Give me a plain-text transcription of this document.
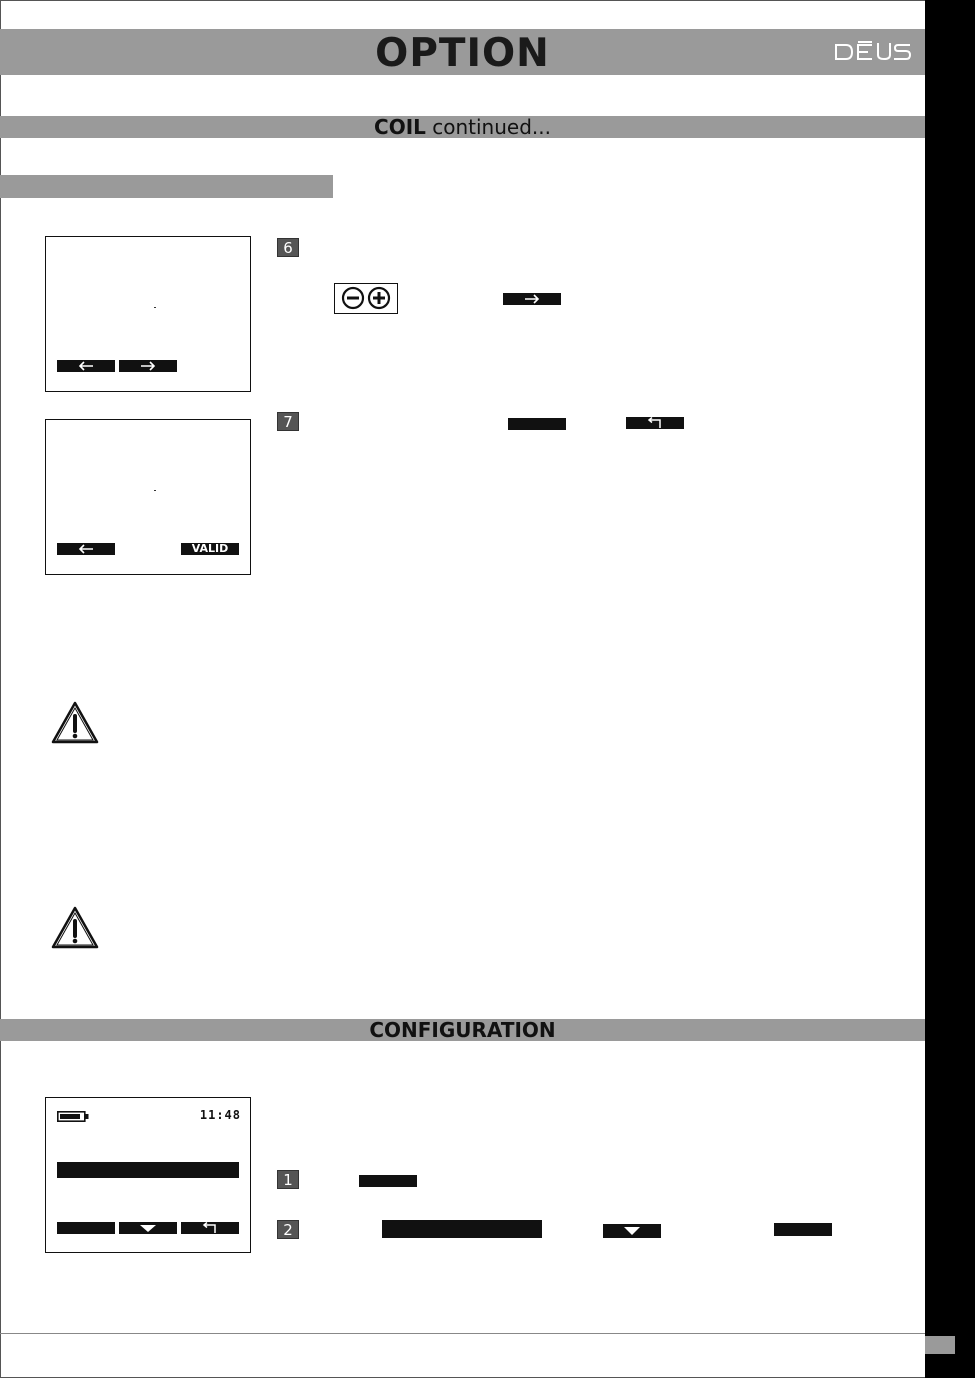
OPTION
COIL continued...
6
VALID
7
CONFIGURATION
11:48
1
2
